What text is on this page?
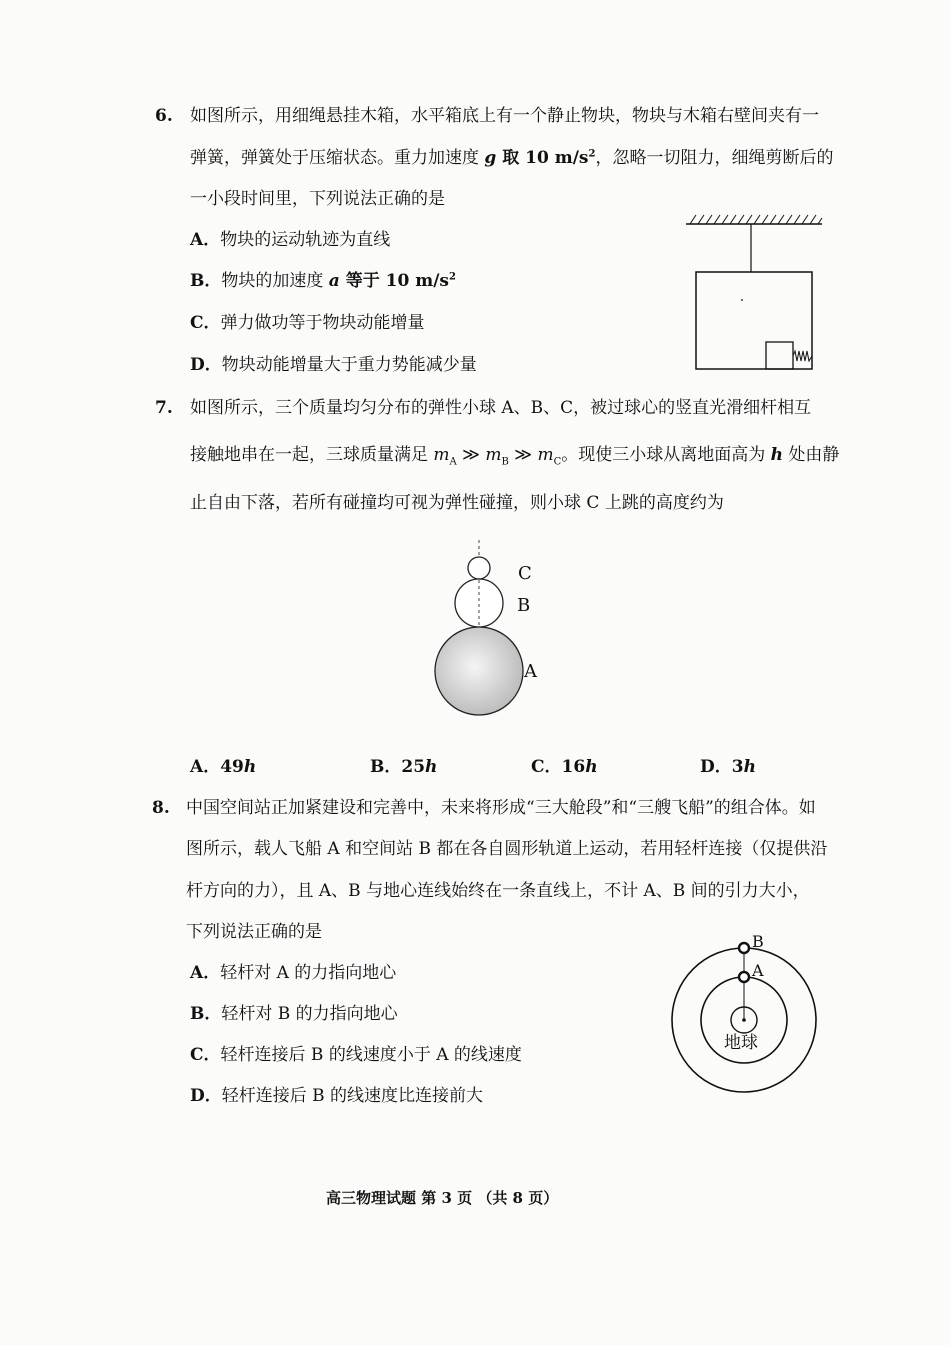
6. 如图所示，用细绳悬挂木箱，水平箱底上有一个静止物块，物块与木箱右壁间夹有一
弹簧，弹簧处于压缩状态。重力加速度 g 取 10 $m/s^2$，忽略一切阻力，细绳剪断后的
一小段时间里，下列说法正确的是
A．物块的运动轨迹为直线
B．物块的加速度 a 等于 10 $m/s^2$
C．弹力做功等于物块动能增量
D．物块动能增量大于重力势能减少量
7. 如图所示，三个质量均匀分布的弹性小球 A、B、C，被过球心的竖直光滑细杆相互
接触地串在一起，三球质量满足 $m_A$ ≫ $m_B$ ≫ $m_C$。现使三小球从离地面高为 h 处由静
止自由下落，若所有碰撞均可视为弹性碰撞，则小球 C 上跳的高度约为
C
B
A
A．49h	B．25h	C．16h	D．3h
8. 中国空间站正加紧建设和完善中，未来将形成“三大舱段”和“三艘飞船”的组合体。如
图所示，载人飞船 A 和空间站 B 都在各自圆形轨道上运动，若用轻杆连接（仅提供沿
杆方向的力），且 A、B 与地心连线始终在一条直线上，不计 A、B 间的引力大小，
下列说法正确的是
A．轻杆对 A 的力指向地心
B．轻杆对 B 的力指向地心
C．轻杆连接后 B 的线速度小于 A 的线速度
D．轻杆连接后 B 的线速度比连接前大
B
A
地球
高三物理试题 第 3 页 （共 8 页）
